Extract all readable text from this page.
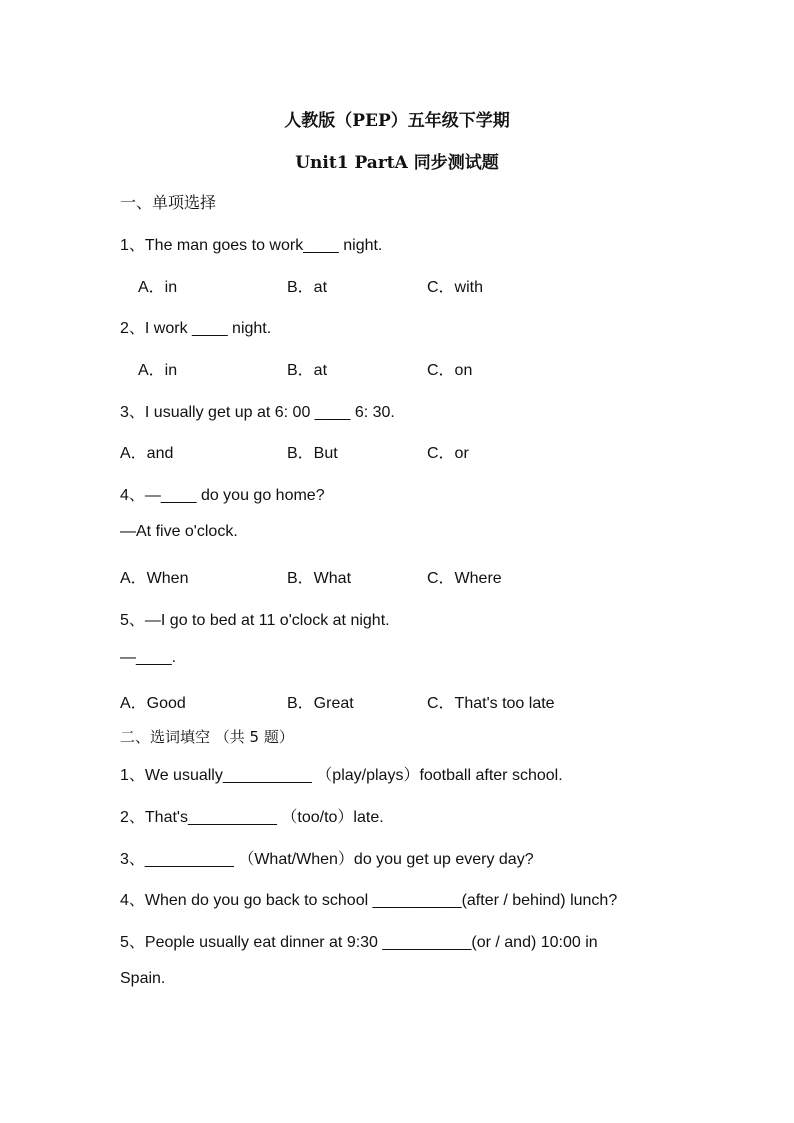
人教版（PEP）五年级下学期
Unit1 PartA 同步测试题
一、单项选择
1、The man goes to work____ night.
A．in	B．at	C．with
2、I work ____ night.
A．in	B．at	C．on
3、I usually get up at 6: 00 ____ 6: 30.
A．and	B．But	C．or
4、—____ do you go home?
—At five o'clock.
A．When	B．What	C．Where
5、—I go to bed at 11 o'clock at night.
—____.
A．Good	B．Great	C．That's too late
二、选词填空 （共 5 题）
1、We usually__________ （play/plays）football after school.
2、That's__________ （too/to）late.
3、__________ （What/When）do you get up every day?
4、When do you go back to school __________(after / behind) lunch?
5、People usually eat dinner at 9:30 __________(or / and) 10:00 in
Spain.
